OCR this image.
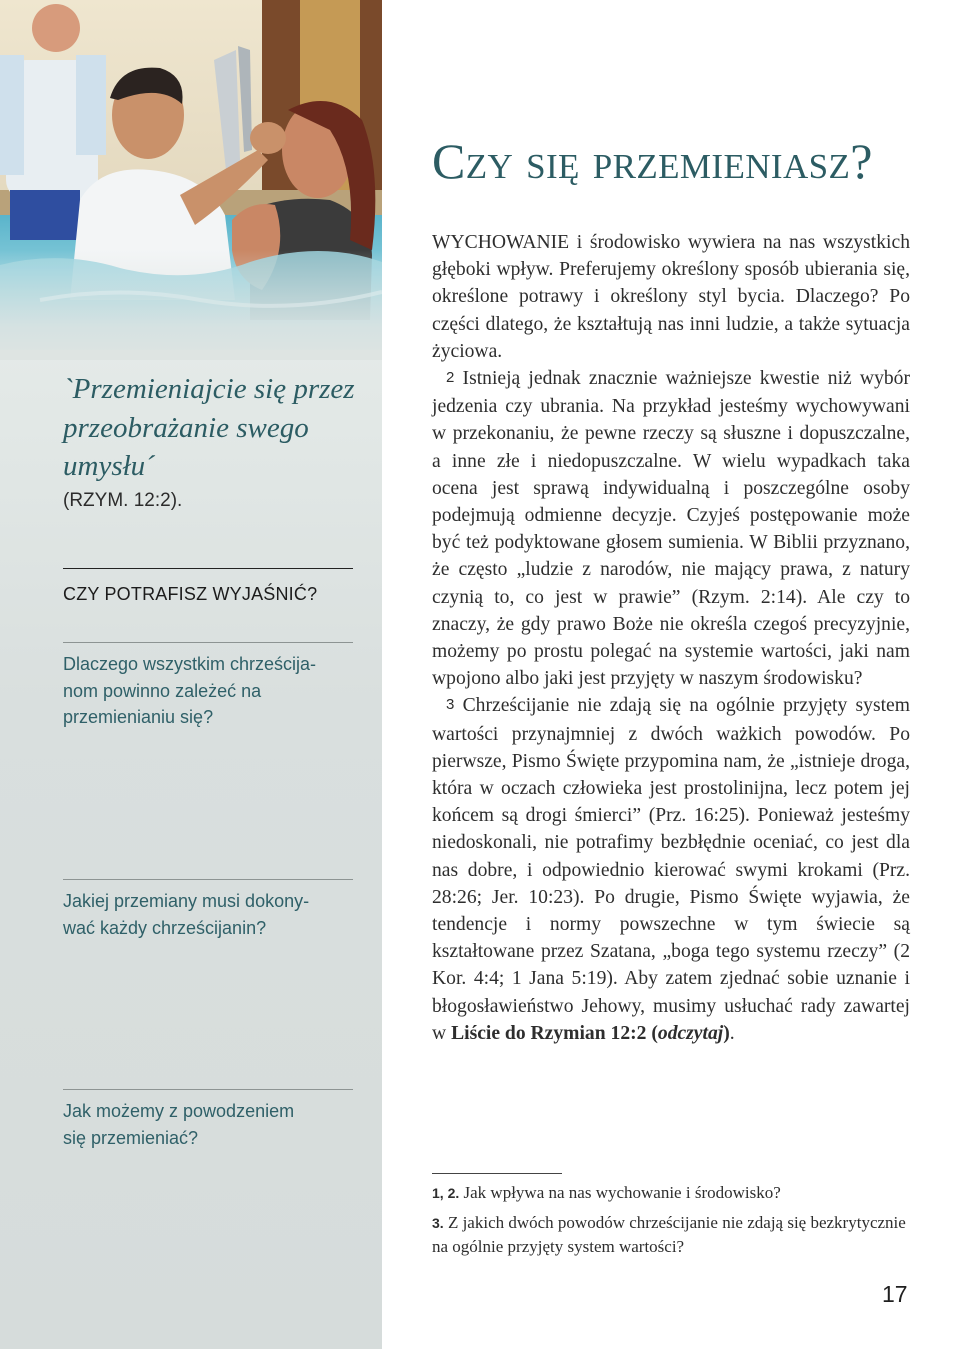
`Przemieniajcie się przez przeobrażanie swego umysłu´
(RZYM. 12:2).
CZY POTRAFISZ WYJAŚNIĆ?
Dlaczego wszystkim chrześcija-
nom powinno zależeć na
przemienianiu się?
Jakiej przemiany musi dokony-
wać każdy chrześcijanin?
Jak możemy z powodzeniem
się przemieniać?
Czy się przemieniasz?

WYCHOWANIE i środowisko wywiera na nas wszystkich głęboki wpływ. Preferujemy określony sposób ubierania się, określone potrawy i określony styl bycia. Dlaczego? Po części dlatego, że kształtują nas inni ludzie, a także sytuacja życiowa.

2 Istnieją jednak znacznie ważniejsze kwestie niż wybór jedzenia czy ubrania. Na przykład jesteśmy wychowywani w przekonaniu, że pewne rzeczy są słuszne i dopuszczalne, a inne złe i niedopuszczalne. W wielu wypadkach taka ocena jest sprawą indywidualną i poszczególne osoby podejmują odmienne decyzje. Czyjeś postępowanie może być też podyktowane głosem sumienia. W Biblii przyznano, że często „ludzie z narodów, nie mający prawa, z natury czynią to, co jest w prawie” (Rzym. 2:14). Ale czy to znaczy, że gdy prawo Boże nie określa czegoś precyzyjnie, możemy po prostu polegać na systemie wartości, jaki nam wpojono albo jaki jest przyjęty w naszym środowisku?

3 Chrześcijanie nie zdają się na ogólnie przyjęty system wartości przynajmniej z dwóch ważkich powodów. Po pierwsze, Pismo Święte przypomina nam, że „istnieje droga, która w oczach człowieka jest prostolinijna, lecz potem jej końcem są drogi śmierci” (Prz. 16:25). Ponieważ jesteśmy niedoskonali, nie potrafimy bezbłędnie oceniać, co jest dla nas dobre, i odpowiednio kierować swymi krokami (Prz. 28:26; Jer. 10:23). Po drugie, Pismo Święte wyjawia, że tendencje i normy powszechne w tym świecie są kształtowane przez Szatana, „boga tego systemu rzeczy” (2 Kor. 4:4; 1 Jana 5:19). Aby zatem zjednać sobie uznanie i błogosławieństwo Jehowy, musimy usłuchać rady zawartej w Liście do Rzymian 12:2 (odczytaj).

1, 2. Jak wpływa na nas wychowanie i środowisko?

3. Z jakich dwóch powodów chrześcijanie nie zdają się bezkrytycznie na ogólnie przyjęty system wartości?

17
